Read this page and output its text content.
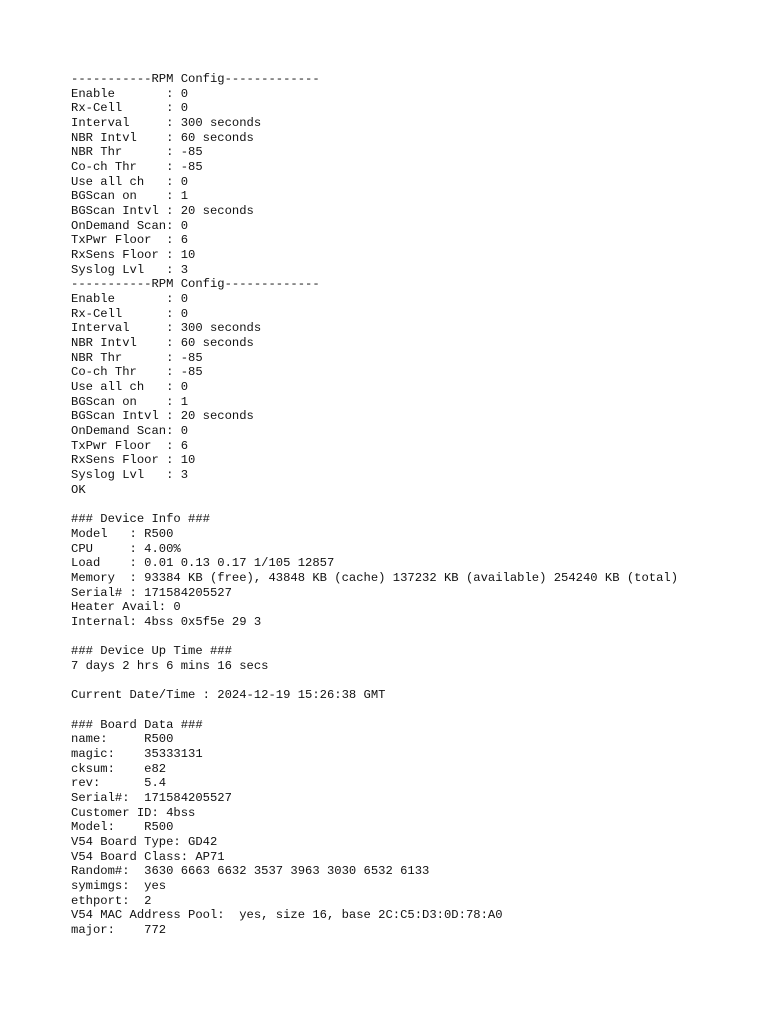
-----------RPM Config-------------
Enable       : 0
Rx-Cell      : 0
Interval     : 300 seconds
NBR Intvl    : 60 seconds
NBR Thr      : -85
Co-ch Thr    : -85
Use all ch   : 0
BGScan on    : 1
BGScan Intvl : 20 seconds
OnDemand Scan: 0
TxPwr Floor  : 6
RxSens Floor : 10
Syslog Lvl   : 3
-----------RPM Config-------------
Enable       : 0
Rx-Cell      : 0
Interval     : 300 seconds
NBR Intvl    : 60 seconds
NBR Thr      : -85
Co-ch Thr    : -85
Use all ch   : 0
BGScan on    : 1
BGScan Intvl : 20 seconds
OnDemand Scan: 0
TxPwr Floor  : 6
RxSens Floor : 10
Syslog Lvl   : 3
OK
### Device Info ###
Model   : R500
CPU     : 4.00%
Load    : 0.01 0.13 0.17 1/105 12857
Memory  : 93384 KB (free), 43848 KB (cache) 137232 KB (available) 254240 KB (total)
Serial# : 171584205527
Heater Avail: 0
Internal: 4bss 0x5f5e 29 3
### Device Up Time ###
7 days 2 hrs 6 mins 16 secs
Current Date/Time : 2024-12-19 15:26:38 GMT
### Board Data ###
name:     R500
magic:    35333131
cksum:    e82
rev:      5.4
Serial#:  171584205527
Customer ID: 4bss
Model:    R500
V54 Board Type: GD42
V54 Board Class: AP71
Random#:  3630 6663 6632 3537 3963 3030 6532 6133
symimgs:  yes
ethport:  2
V54 MAC Address Pool:  yes, size 16, base 2C:C5:D3:0D:78:A0
major:    772
